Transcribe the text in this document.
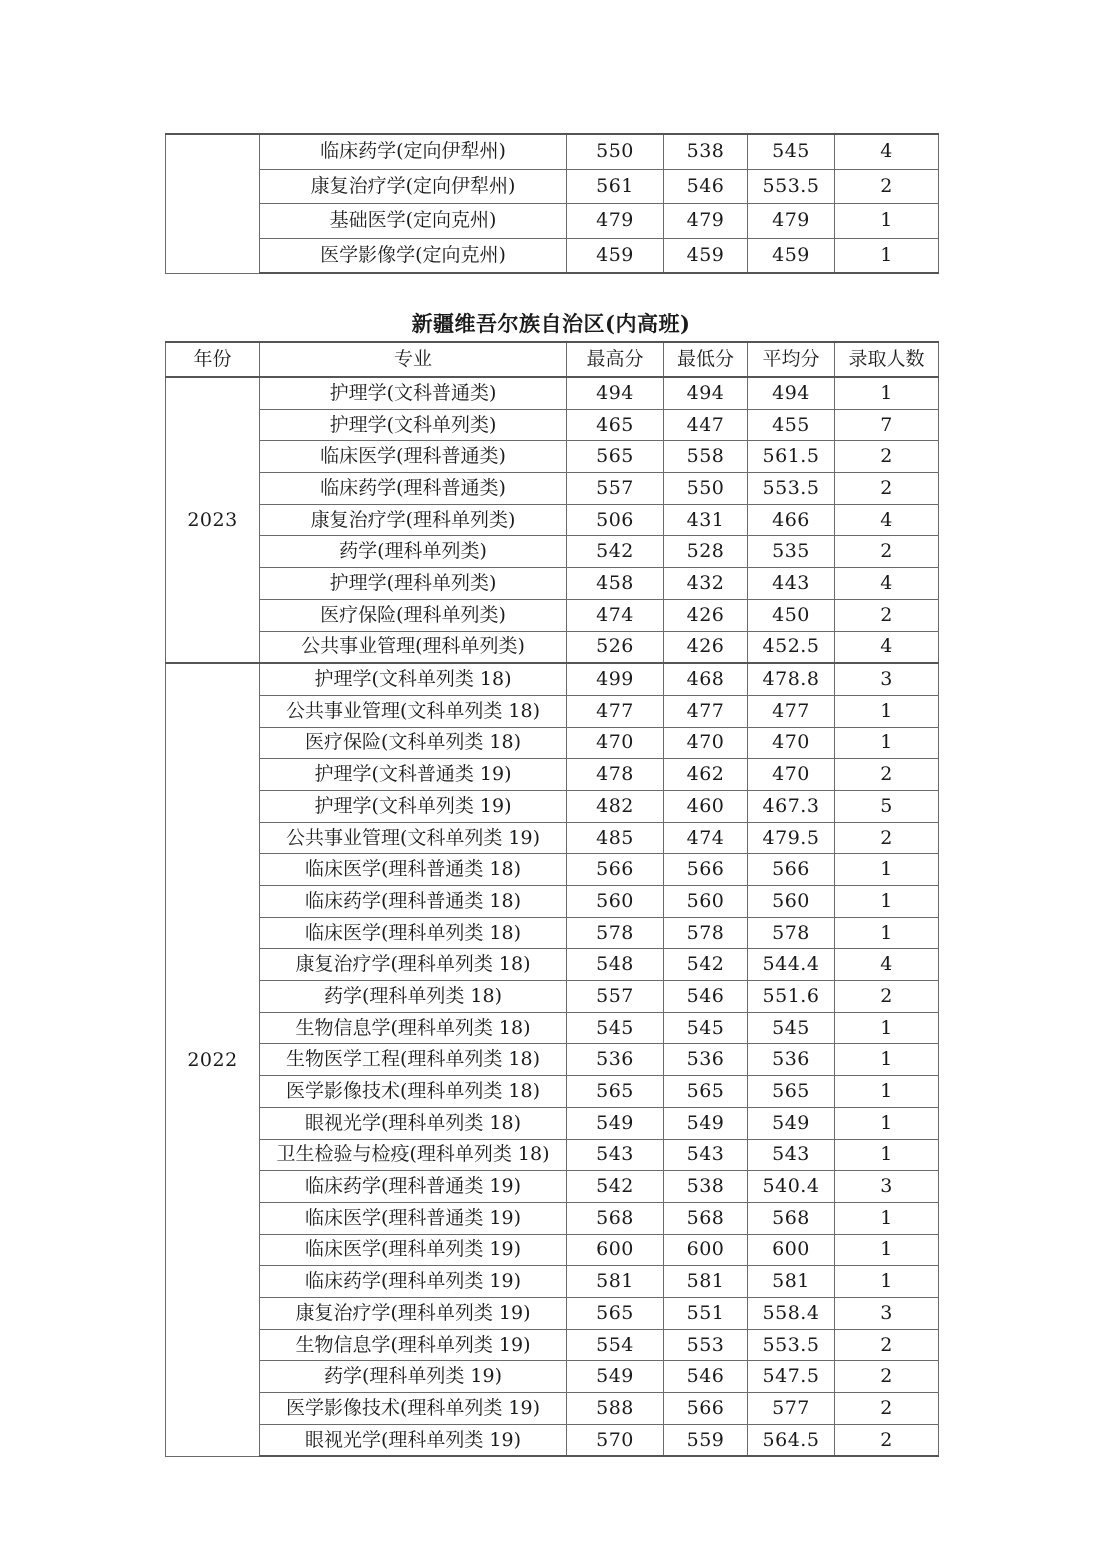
	临床药学(定向伊犁州)	550	538	545	4
	康复治疗学(定向伊犁州)	561	546	553.5	2
	基础医学(定向克州)	479	479	479	1
	医学影像学(定向克州)	459	459	459	1
新疆维吾尔族自治区(内高班)
年份	专业	最高分	最低分	平均分	录取人数
2023	护理学(文科普通类)	494	494	494	1
	护理学(文科单列类)	465	447	455	7
	临床医学(理科普通类)	565	558	561.5	2
	临床药学(理科普通类)	557	550	553.5	2
	康复治疗学(理科单列类)	506	431	466	4
	药学(理科单列类)	542	528	535	2
	护理学(理科单列类)	458	432	443	4
	医疗保险(理科单列类)	474	426	450	2
	公共事业管理(理科单列类)	526	426	452.5	4
2022	护理学(文科单列类 18)	499	468	478.8	3
	公共事业管理(文科单列类 18)	477	477	477	1
	医疗保险(文科单列类 18)	470	470	470	1
	护理学(文科普通类 19)	478	462	470	2
	护理学(文科单列类 19)	482	460	467.3	5
	公共事业管理(文科单列类 19)	485	474	479.5	2
	临床医学(理科普通类 18)	566	566	566	1
	临床药学(理科普通类 18)	560	560	560	1
	临床医学(理科单列类 18)	578	578	578	1
	康复治疗学(理科单列类 18)	548	542	544.4	4
	药学(理科单列类 18)	557	546	551.6	2
	生物信息学(理科单列类 18)	545	545	545	1
	生物医学工程(理科单列类 18)	536	536	536	1
	医学影像技术(理科单列类 18)	565	565	565	1
	眼视光学(理科单列类 18)	549	549	549	1
	卫生检验与检疫(理科单列类 18)	543	543	543	1
	临床药学(理科普通类 19)	542	538	540.4	3
	临床医学(理科普通类 19)	568	568	568	1
	临床医学(理科单列类 19)	600	600	600	1
	临床药学(理科单列类 19)	581	581	581	1
	康复治疗学(理科单列类 19)	565	551	558.4	3
	生物信息学(理科单列类 19)	554	553	553.5	2
	药学(理科单列类 19)	549	546	547.5	2
	医学影像技术(理科单列类 19)	588	566	577	2
	眼视光学(理科单列类 19)	570	559	564.5	2
